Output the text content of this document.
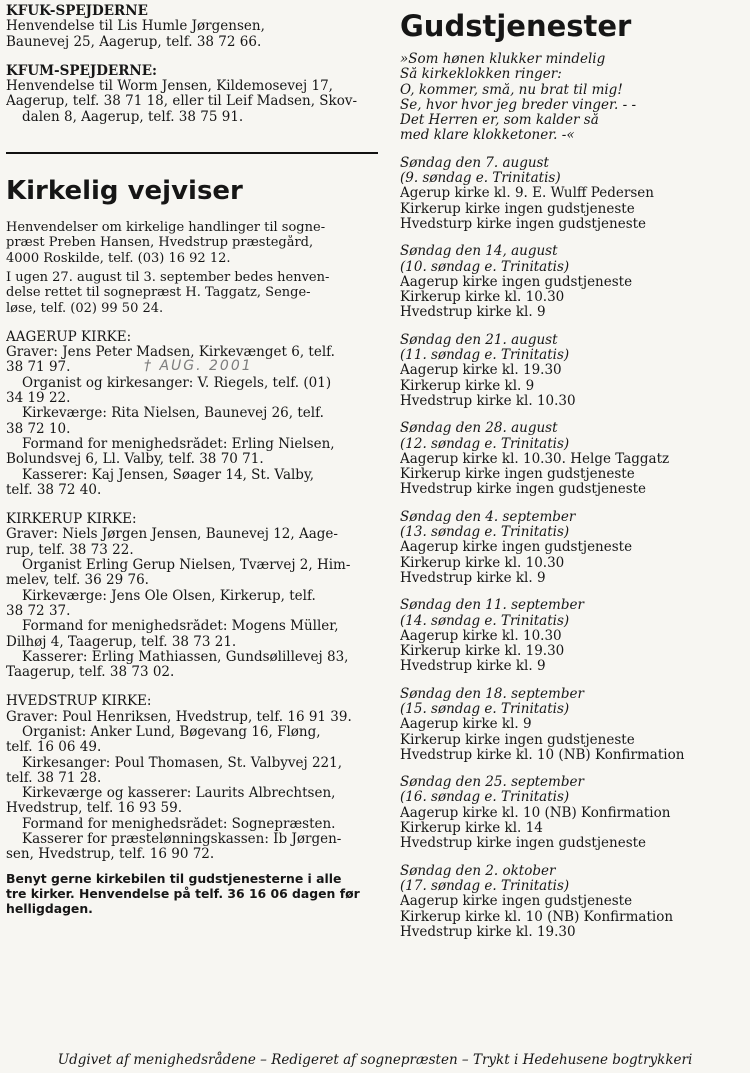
KFUK-SPEJDERNE
Henvendelse til Lis Humle Jørgensen,
Baunevej 25, Aagerup, telf. 38 72 66.
KFUM-SPEJDERNE:
Henvendelse til Worm Jensen, Kildemosevej 17,
Aagerup, telf. 38 71 18, eller til Leif Madsen, Skov-
dalen 8, Aagerup, telf. 38 75 91.
Kirkelig vejviser
Henvendelser om kirkelige handlinger til sogne-
præst Preben Hansen, Hvedstrup præstegård,
4000 Roskilde, telf. (03) 16 92 12.
I ugen 27. august til 3. september bedes henven-
delse rettet til sognepræst H. Taggatz, Senge-
løse, telf. (02) 99 50 24.
AAGERUP KIRKE:
Graver: Jens Peter Madsen, Kirkevænget 6, telf.
38 71 97.
Organist og kirkesanger: V. Riegels, telf. (01)
34 19 22.
Kirkeværge: Rita Nielsen, Baunevej 26, telf.
38 72 10.
Formand for menighedsrådet: Erling Nielsen,
Bolundsvej 6, Ll. Valby, telf. 38 70 71.
Kasserer: Kaj Jensen, Søager 14, St. Valby,
telf. 38 72 40.
† AUG. 2001
KIRKERUP KIRKE:
Graver: Niels Jørgen Jensen, Baunevej 12, Aage-
rup, telf. 38 73 22.
Organist Erling Gerup Nielsen, Tværvej 2, Him-
melev, telf. 36 29 76.
Kirkeværge: Jens Ole Olsen, Kirkerup, telf.
38 72 37.
Formand for menighedsrådet: Mogens Müller,
Dilhøj 4, Taagerup, telf. 38 73 21.
Kasserer: Erling Mathiassen, Gundsølillevej 83,
Taagerup, telf. 38 73 02.
HVEDSTRUP KIRKE:
Graver: Poul Henriksen, Hvedstrup, telf. 16 91 39.
Organist: Anker Lund, Bøgevang 16, Fløng,
telf. 16 06 49.
Kirkesanger: Poul Thomasen, St. Valbyvej 221,
telf. 38 71 28.
Kirkeværge og kasserer: Laurits Albrechtsen,
Hvedstrup, telf. 16 93 59.
Formand for menighedsrådet: Sognepræsten.
Kasserer for præstelønningskassen: Ib Jørgen-
sen, Hvedstrup, telf. 16 90 72.
Benyt gerne kirkebilen til gudstjenesterne i alle
tre kirker. Henvendelse på telf. 36 16 06 dagen før
helligdagen.
Gudstjenester
»Som hønen klukker mindelig
Så kirkeklokken ringer:
O, kommer, små, nu brat til mig!
Se, hvor hvor jeg breder vinger. - -
Det Herren er, som kalder så
med klare klokketoner. -«
Søndag den 7. august
(9. søndag e. Trinitatis)
Agerup kirke kl. 9. E. Wulff Pedersen
Kirkerup kirke ingen gudstjeneste
Hvedsturp kirke ingen gudstjeneste
Søndag den 14, august
(10. søndag e. Trinitatis)
Aagerup kirke ingen gudstjeneste
Kirkerup kirke kl. 10.30
Hvedstrup kirke kl. 9
Søndag den 21. august
(11. søndag e. Trinitatis)
Aagerup kirke kl. 19.30
Kirkerup kirke kl. 9
Hvedstrup kirke kl. 10.30
Søndag den 28. august
(12. søndag e. Trinitatis)
Aagerup kirke kl. 10.30. Helge Taggatz
Kirkerup kirke ingen gudstjeneste
Hvedstrup kirke ingen gudstjeneste
Søndag den 4. september
(13. søndag e. Trinitatis)
Aagerup kirke ingen gudstjeneste
Kirkerup kirke kl. 10.30
Hvedstrup kirke kl. 9
Søndag den 11. september
(14. søndag e. Trinitatis)
Aagerup kirke kl. 10.30
Kirkerup kirke kl. 19.30
Hvedstrup kirke kl. 9
Søndag den 18. september
(15. søndag e. Trinitatis)
Aagerup kirke kl. 9
Kirkerup kirke ingen gudstjeneste
Hvedstrup kirke kl. 10 (NB) Konfirmation
Søndag den 25. september
(16. søndag e. Trinitatis)
Aagerup kirke kl. 10 (NB) Konfirmation
Kirkerup kirke kl. 14
Hvedstrup kirke ingen gudstjeneste
Søndag den 2. oktober
(17. søndag e. Trinitatis)
Aagerup kirke ingen gudstjeneste
Kirkerup kirke kl. 10 (NB) Konfirmation
Hvedstrup kirke kl. 19.30
Udgivet af menighedsrådene – Redigeret af sognepræsten – Trykt i Hedehusene bogtrykkeri
